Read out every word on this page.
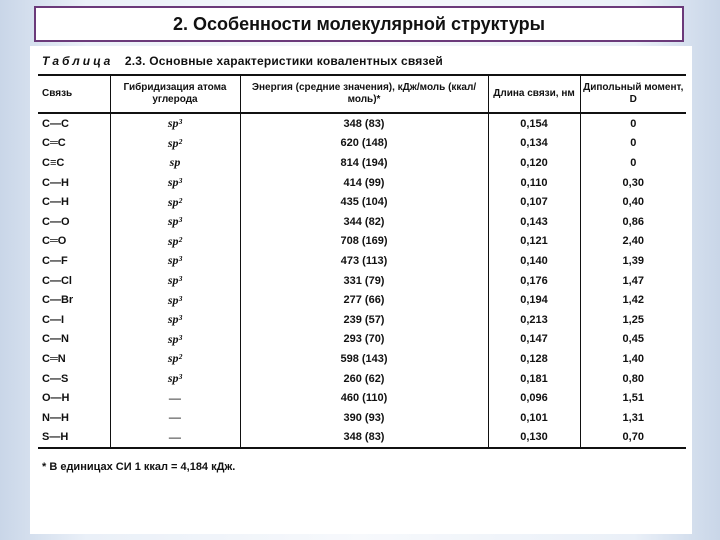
2. Особенности молекулярной структуры
Таблица 2.3. Основные характеристики ковалентных связей
Связь	Гибридизация атома углерода	Энергия (средние значения), кДж/моль (ккал/моль)*	Длина связи, нм	Дипольный момент, D
C—C	sp³	348 (83)	0,154	0
C═C	sp²	620 (148)	0,134	0
C≡C	sp	814 (194)	0,120	0
C—H	sp³	414 (99)	0,110	0,30
C—H	sp²	435 (104)	0,107	0,40
C—O	sp³	344 (82)	0,143	0,86
C═O	sp²	708 (169)	0,121	2,40
C—F	sp³	473 (113)	0,140	1,39
C—Cl	sp³	331 (79)	0,176	1,47
C—Br	sp³	277 (66)	0,194	1,42
C—I	sp³	239 (57)	0,213	1,25
C—N	sp³	293 (70)	0,147	0,45
C═N	sp²	598 (143)	0,128	1,40
C—S	sp³	260 (62)	0,181	0,80
O—H	—	460 (110)	0,096	1,51
N—H	—	390 (93)	0,101	1,31
S—H	—	348 (83)	0,130	0,70
* В единицах СИ 1 ккал = 4,184 кДж.
